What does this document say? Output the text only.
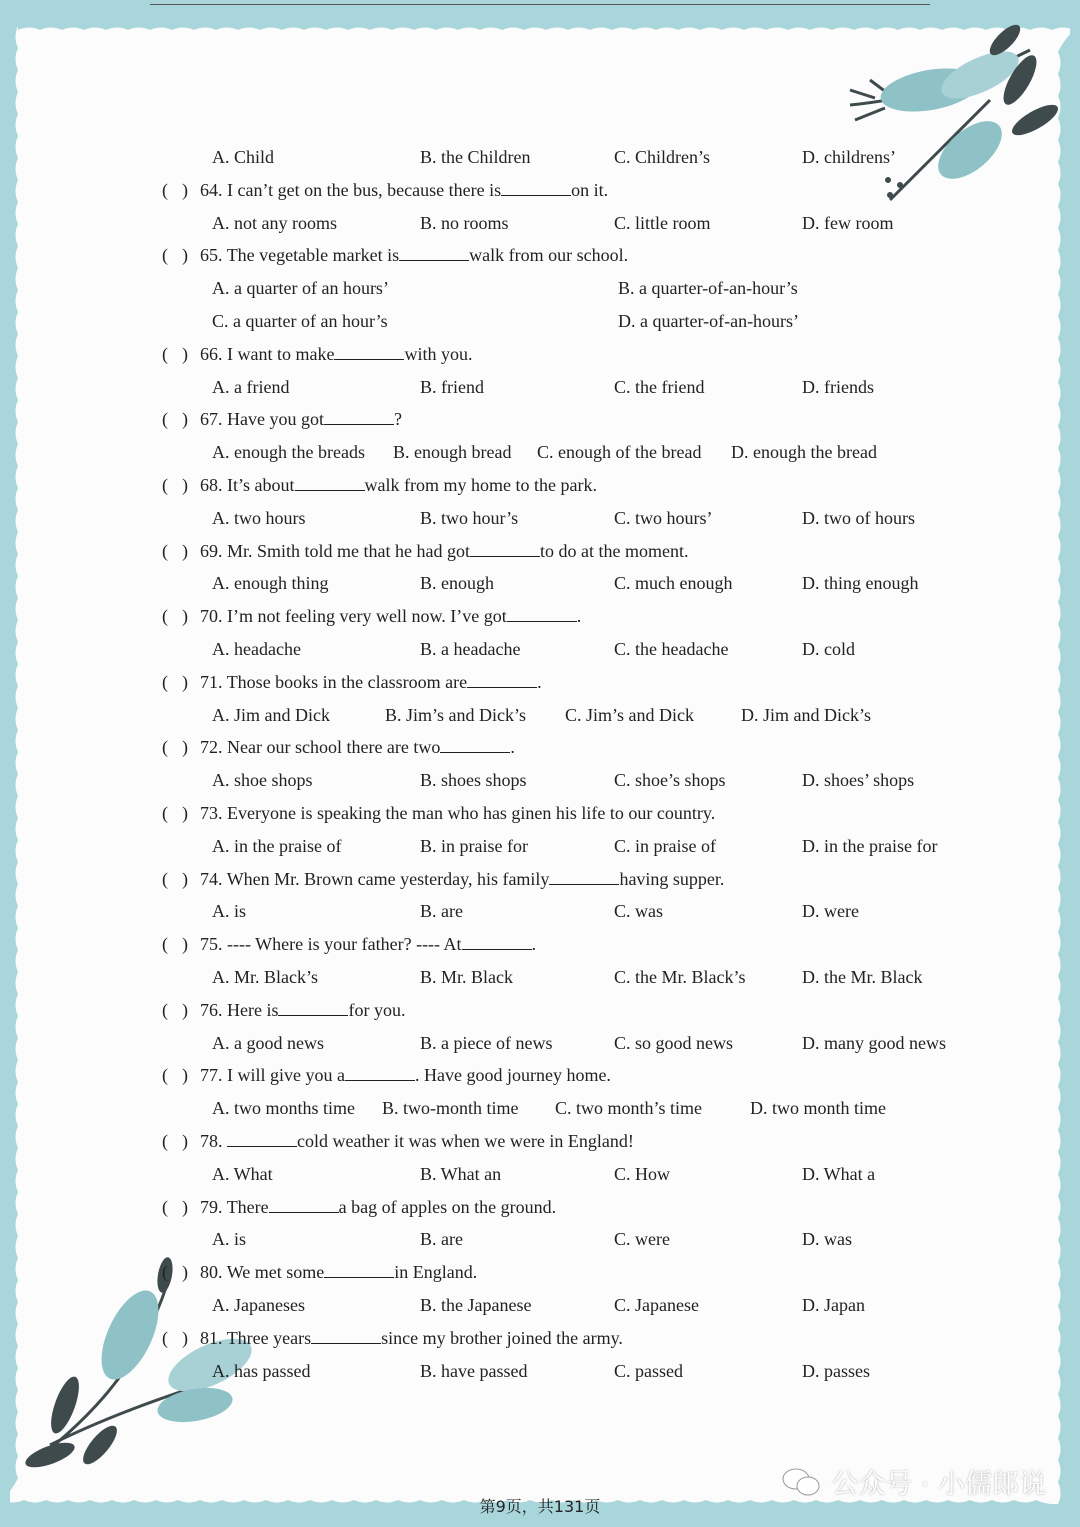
A. Child	B. the Children	C. Children’s	D. childrens’
( ) 64. I can’t get on the bus, because there is	on it.
A. not any rooms	B. no rooms	C. little room	D. few room
( ) 65. The vegetable market is	walk from our school.
A. a quarter of an hours’	B. a quarter-of-an-hour’s
C. a quarter of an hour’s	D. a quarter-of-an-hours’
( ) 66. I want to make	with you.
A. a friend	B. friend	C. the friend	D. friends
( ) 67. Have you got	?
A. enough the breads B. enough bread C. enough of the bread D. enough the bread
( ) 68. It’s about	walk from my home to the park.
A. two hours	B. two hour’s	C. two hours’	D. two of hours
( ) 69. Mr. Smith told me that he had got	to do at the moment.
A. enough thing	B. enough	C. much enough	D. thing enough
( ) 70. I’m not feeling very well now. I’ve got	.
A. headache	B. a headache	C. the headache	D. cold
( ) 71. Those books in the classroom are	.
A. Jim and Dick	B. Jim’s and Dick’s C. Jim’s and Dick	D. Jim and Dick’s
( ) 72. Near our school there are two	.
A. shoe shops	B. shoes shops	C. shoe’s shops	D. shoes’ shops
( ) 73. Everyone is speaking the man who has ginen his life to our country.
A. in the praise of	B. in praise for	C. in praise of	D. in the praise for
( ) 74. When Mr. Brown came yesterday, his family	having supper.
A. is	B. are	C. was	D. were
( ) 75. ---- Where is your father? ---- At	.
A. Mr. Black’s	B. Mr. Black	C. the Mr. Black’s	D. the Mr. Black
( ) 76. Here is	for you.
A. a good news	B. a piece of news	C. so good news	D. many good news
( ) 77. I will give you a	. Have good journey home.
A. two months time B. two-month time C. two month’s time	D. two month time
( ) 78.	cold weather it was when we were in England!
A. What	B. What an	C. How	D. What a
( ) 79. There	a bag of apples on the ground.
A. is	B. are	C. were	D. was
( ) 80. We met some	in England.
A. Japaneses	B. the Japanese	C. Japanese	D. Japan
( ) 81. Three years	since my brother joined the army.
A. has passed	B. have passed	C. passed	D. passes
第9页，共131页
公众号 · 小儒郎说
